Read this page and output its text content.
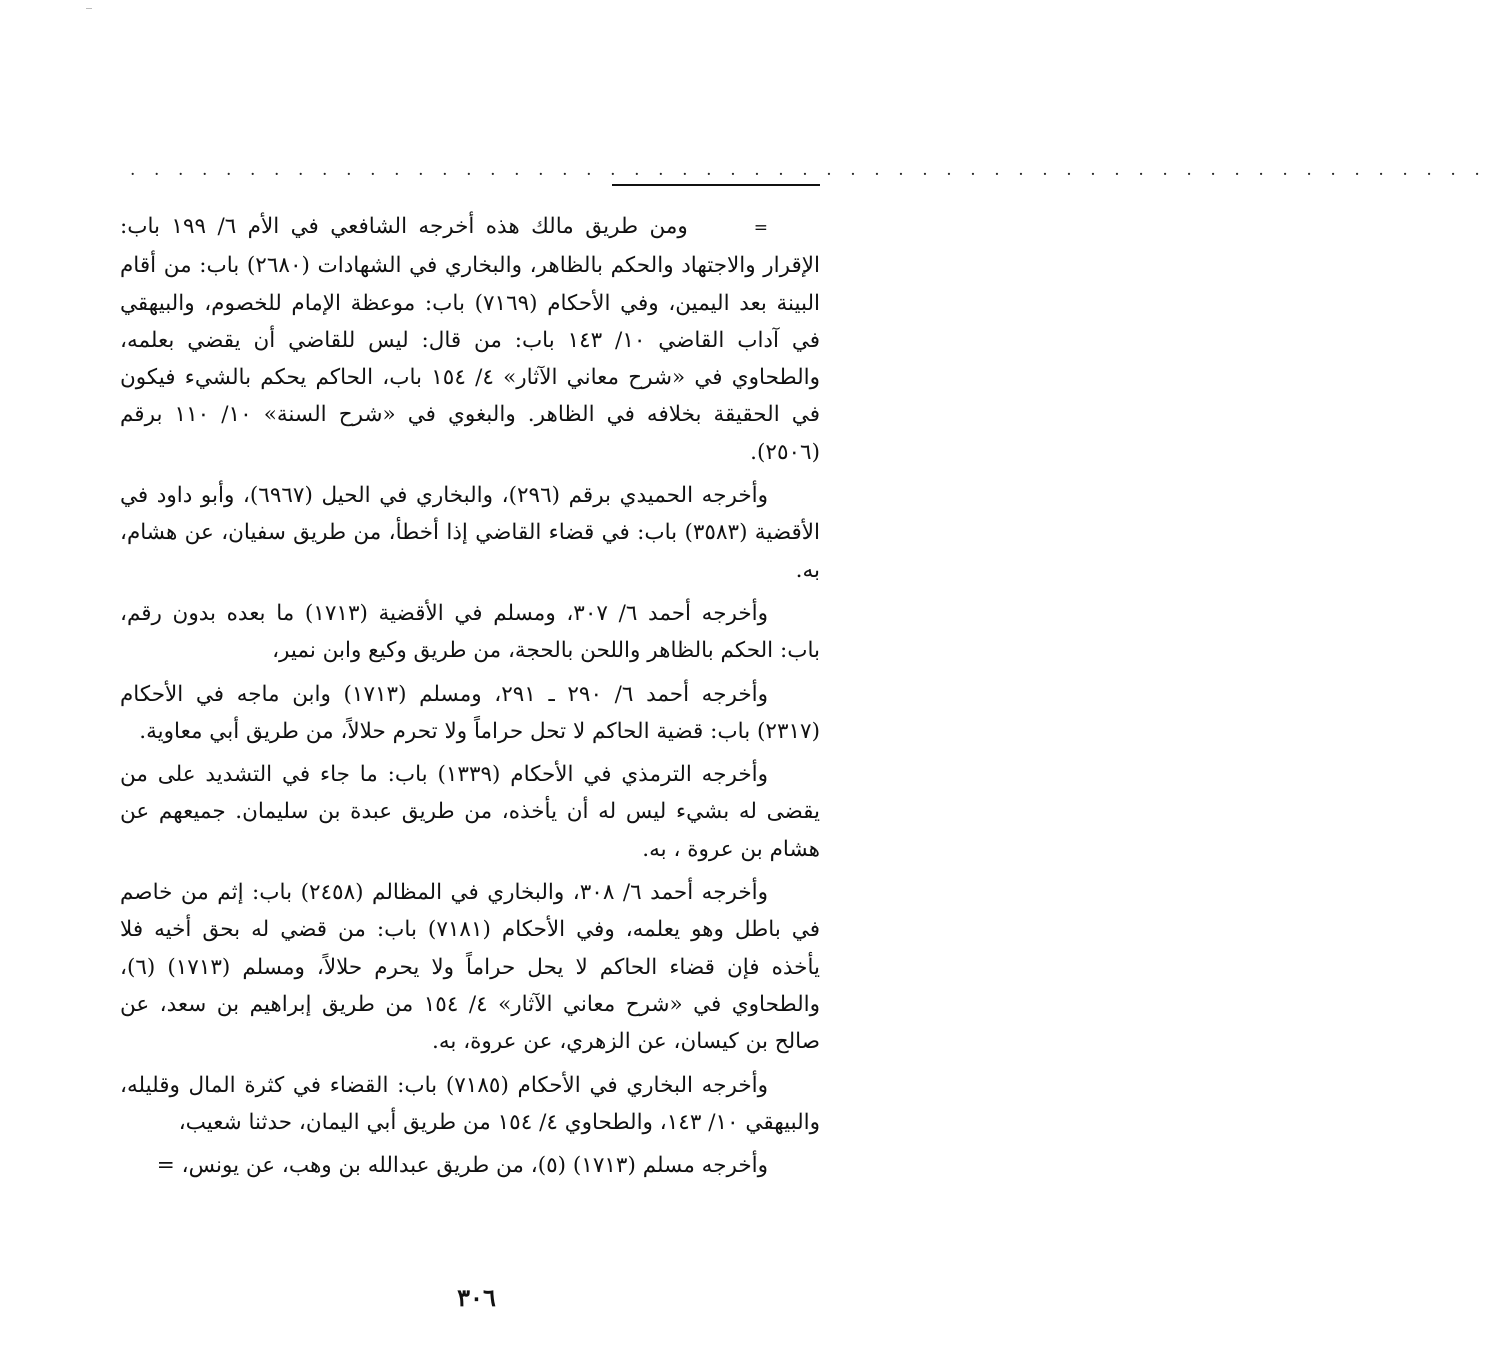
. . . . . . . . . . . . . . . . . . . . . . . . . . . . . . . . . . . . . . . . . . . . . . . . . . . . . . . . .

=ومن طريق مالك هذه أخرجه الشافعي في الأم ٦/ ١٩٩ باب: الإقرار والاجتهاد والحكم بالظاهر، والبخاري في الشهادات (٢٦٨٠) باب: من أقام البينة بعد اليمين، وفي الأحكام (٧١٦٩) باب: موعظة الإمام للخصوم، والبيهقي في آداب القاضي ١٠/ ١٤٣ باب: من قال: ليس للقاضي أن يقضي بعلمه، والطحاوي في «شرح معاني الآثار» ٤/ ١٥٤ باب، الحاكم يحكم بالشيء فيكون في الحقيقة بخلافه في الظاهر. والبغوي في «شرح السنة» ١٠/ ١١٠ برقم (٢٥٠٦).

وأخرجه الحميدي برقم (٢٩٦)، والبخاري في الحيل (٦٩٦٧)، وأبو داود في الأقضية (٣٥٨٣) باب: في قضاء القاضي إذا أخطأ، من طريق سفيان، عن هشام، به.

وأخرجه أحمد ٦/ ٣٠٧، ومسلم في الأقضية (١٧١٣) ما بعده بدون رقم، باب: الحكم بالظاهر واللحن بالحجة، من طريق وكيع وابن نمير،

وأخرجه أحمد ٦/ ٢٩٠ ـ ٢٩١، ومسلم (١٧١٣) وابن ماجه في الأحكام (٢٣١٧) باب: قضية الحاكم لا تحل حراماً ولا تحرم حلالاً، من طريق أبي معاوية.

وأخرجه الترمذي في الأحكام (١٣٣٩) باب: ما جاء في التشديد على من يقضى له بشيء ليس له أن يأخذه، من طريق عبدة بن سليمان. جميعهم عن هشام بن عروة ، به.

وأخرجه أحمد ٦/ ٣٠٨، والبخاري في المظالم (٢٤٥٨) باب: إثم من خاصم في باطل وهو يعلمه، وفي الأحكام (٧١٨١) باب: من قضي له بحق أخيه فلا يأخذه فإن قضاء الحاكم لا يحل حراماً ولا يحرم حلالاً، ومسلم (١٧١٣) (٦)، والطحاوي في «شرح معاني الآثار» ٤/ ١٥٤ من طريق إبراهيم بن سعد، عن صالح بن كيسان، عن الزهري، عن عروة، به.

وأخرجه البخاري في الأحكام (٧١٨٥) باب: القضاء في كثرة المال وقليله، والبيهقي ١٠/ ١٤٣، والطحاوي ٤/ ١٥٤ من طريق أبي اليمان، حدثنا شعيب،

وأخرجه مسلم (١٧١٣) (٥)، من طريق عبدالله بن وهب، عن يونس، =

٣٠٦
